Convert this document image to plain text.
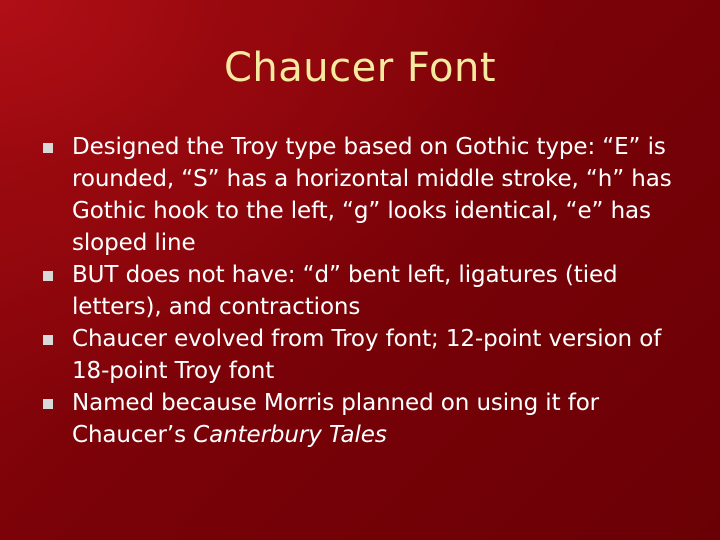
Chaucer Font
Designed the Troy type based on Gothic type: “E” is rounded, “S” has a horizontal middle stroke, “h” has Gothic hook to the left, “g” looks identical, “e” has sloped line
BUT does not have: “d” bent left, ligatures (tied letters), and contractions
Chaucer evolved from Troy font; 12-point version of 18-point Troy font
Named because Morris planned on using it for Chaucer’s Canterbury Tales
